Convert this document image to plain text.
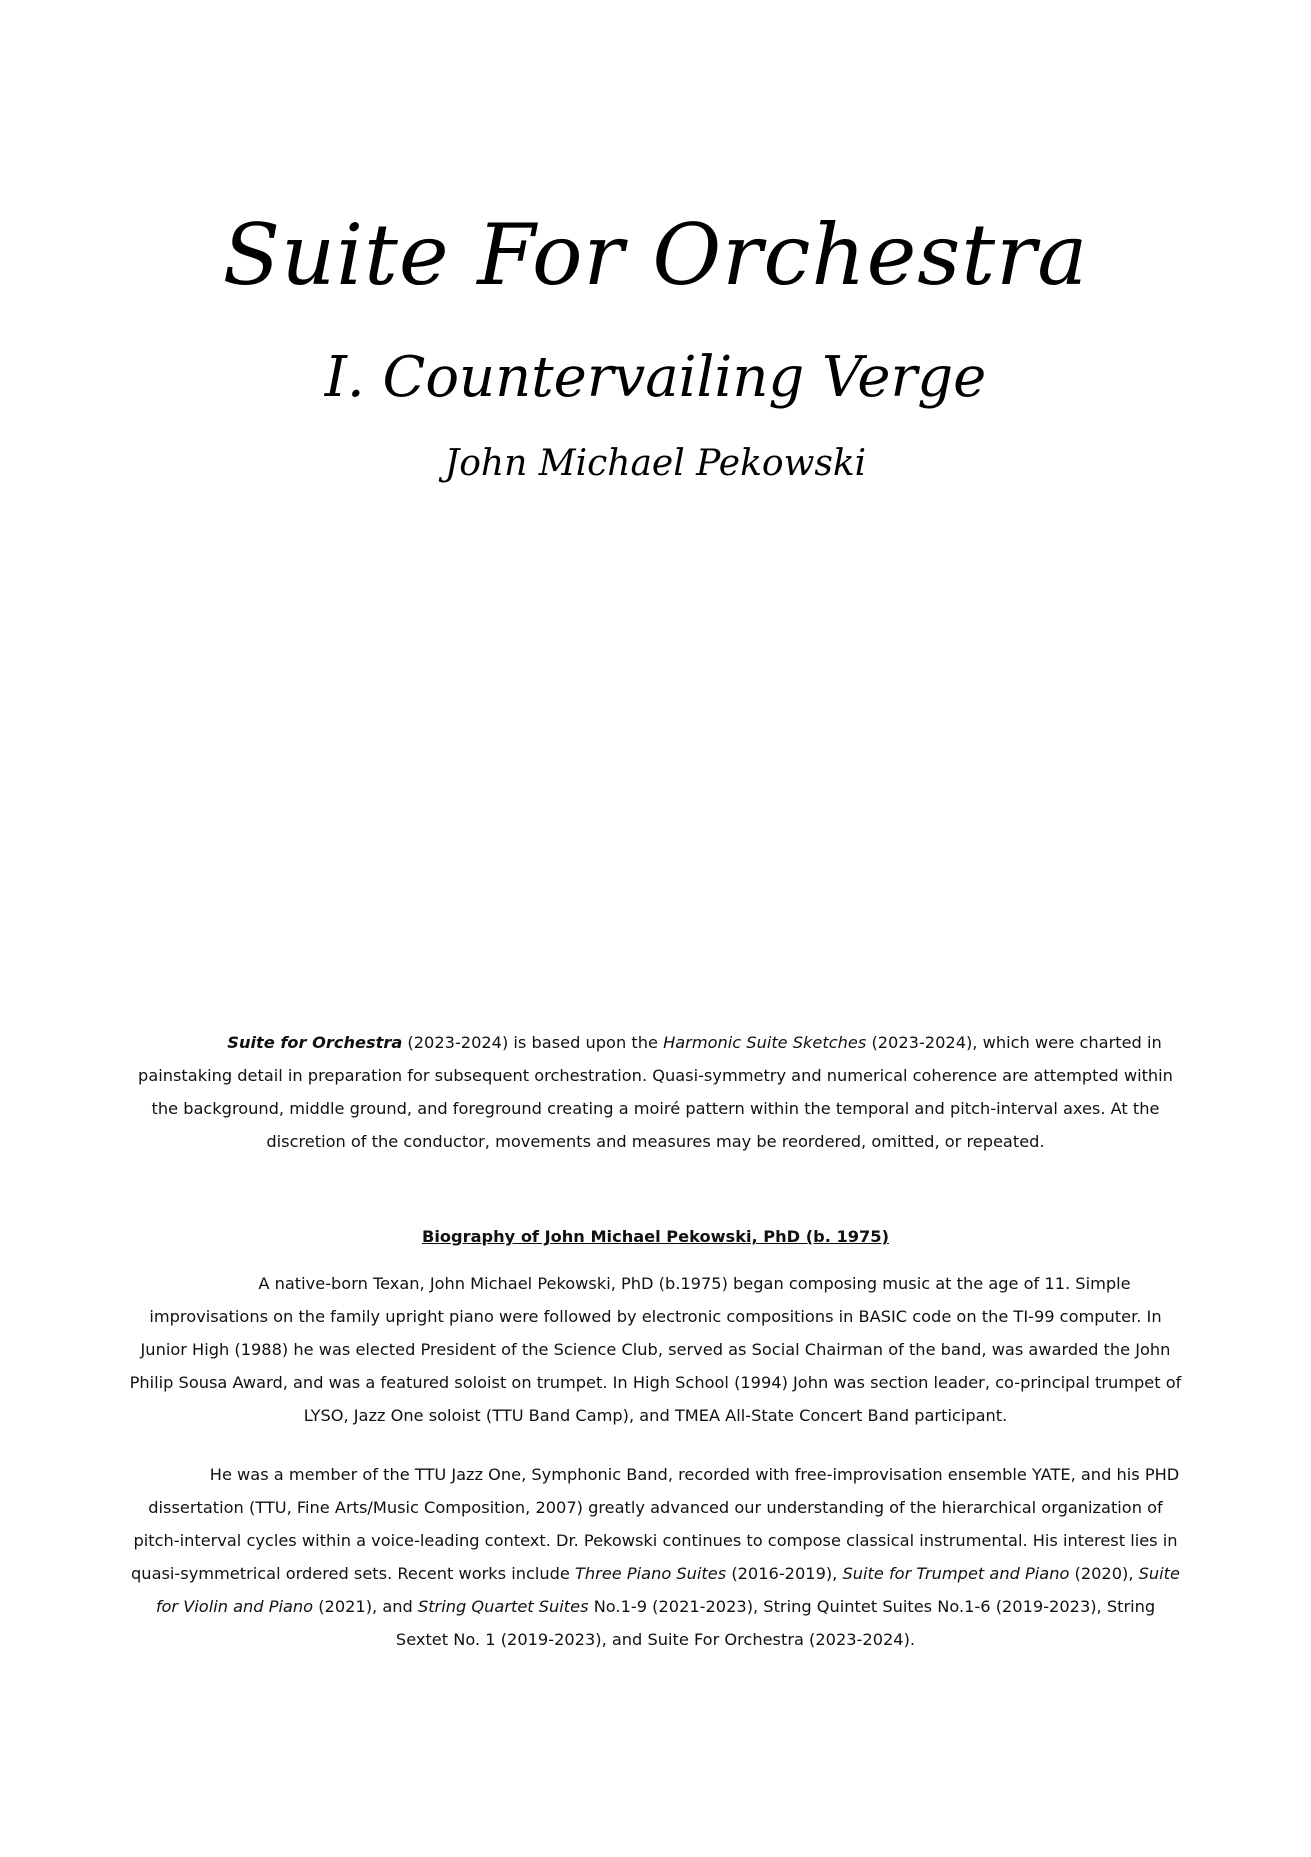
Suite For Orchestra
I. Countervailing Verge
John Michael Pekowski

Suite for Orchestra (2023-2024) is based upon the Harmonic Suite Sketches (2023-2024), which were charted in painstaking detail in preparation for subsequent orchestration. Quasi-symmetry and numerical coherence are attempted within the background, middle ground, and foreground creating a moiré pattern within the temporal and pitch-interval axes. At the discretion of the conductor, movements and measures may be reordered, omitted, or repeated.

Biography of John Michael Pekowski, PhD (b. 1975)

A native-born Texan, John Michael Pekowski, PhD (b.1975) began composing music at the age of 11. Simple improvisations on the family upright piano were followed by electronic compositions in BASIC code on the TI-99 computer. In Junior High (1988) he was elected President of the Science Club, served as Social Chairman of the band, was awarded the John Philip Sousa Award, and was a featured soloist on trumpet. In High School (1994) John was section leader, co-principal trumpet of LYSO, Jazz One soloist (TTU Band Camp), and TMEA All-State Concert Band participant.

He was a member of the TTU Jazz One, Symphonic Band, recorded with free-improvisation ensemble YATE, and his PHD dissertation (TTU, Fine Arts/Music Composition, 2007) greatly advanced our understanding of the hierarchical organization of pitch-interval cycles within a voice-leading context. Dr. Pekowski continues to compose classical instrumental. His interest lies in quasi-symmetrical ordered sets. Recent works include Three Piano Suites (2016-2019), Suite for Trumpet and Piano (2020), Suite for Violin and Piano (2021), and String Quartet Suites No.1-9 (2021-2023), String Quintet Suites No.1-6 (2019-2023), String Sextet No. 1 (2019-2023), and Suite For Orchestra (2023-2024).
